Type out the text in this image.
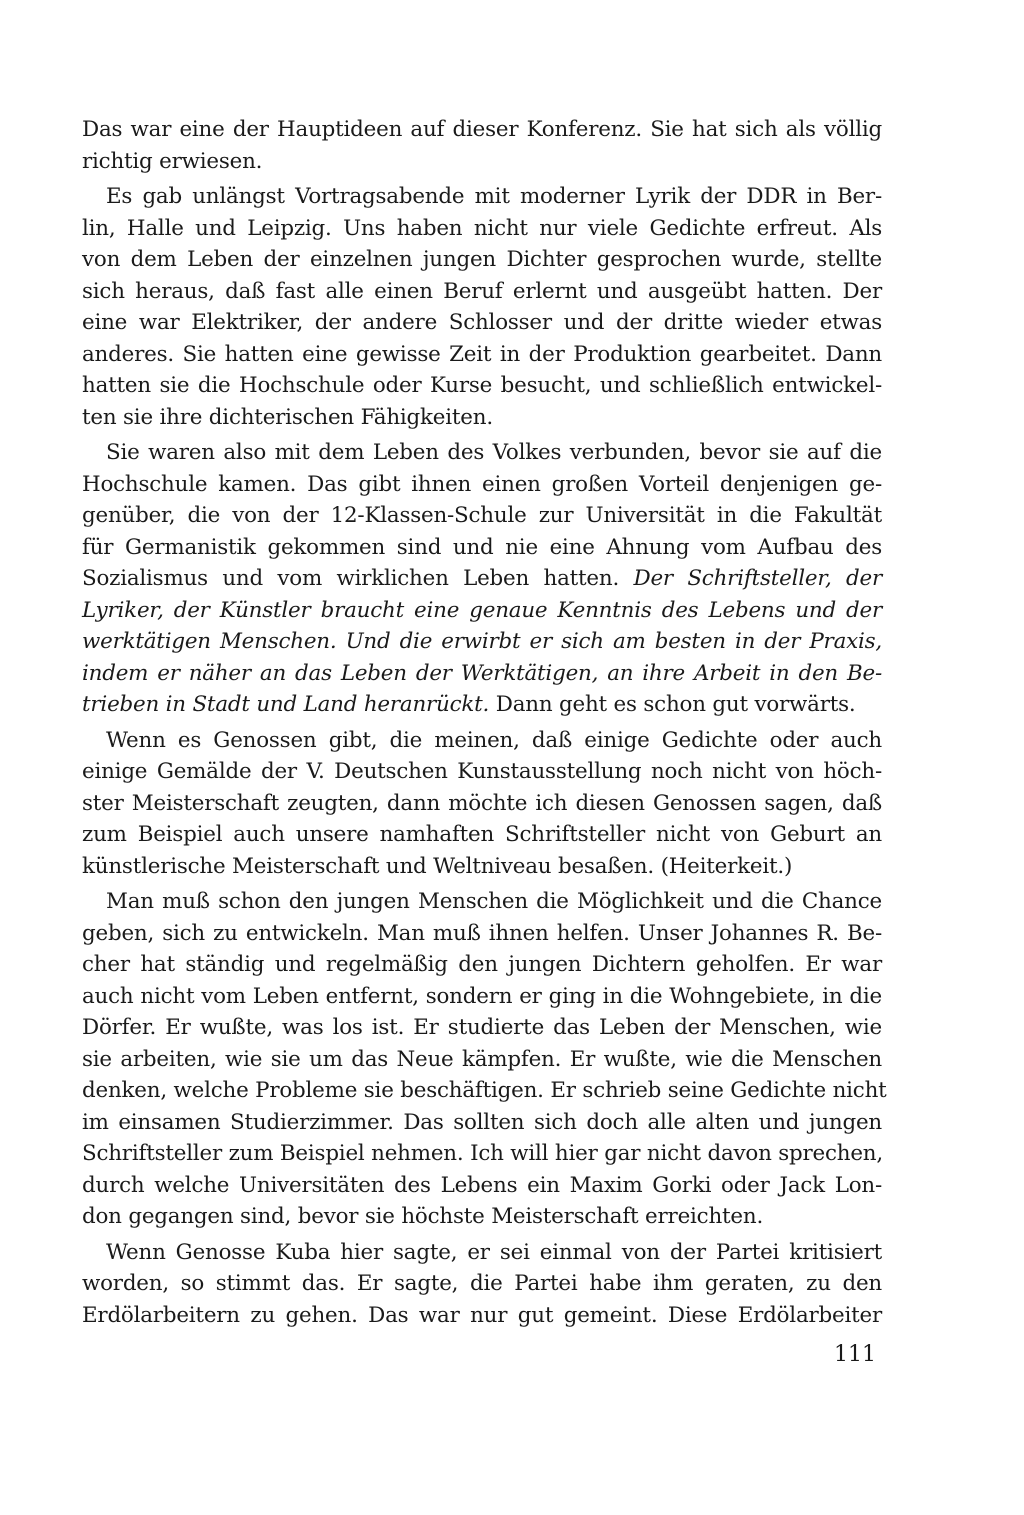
Das war eine der Hauptideen auf dieser Konferenz. Sie hat sich als völlig
richtig erwiesen.
Es gab unlängst Vortragsabende mit moderner Lyrik der DDR in Ber-
lin, Halle und Leipzig. Uns haben nicht nur viele Gedichte erfreut. Als
von dem Leben der einzelnen jungen Dichter gesprochen wurde, stellte
sich heraus, daß fast alle einen Beruf erlernt und ausgeübt hatten. Der
eine war Elektriker, der andere Schlosser und der dritte wieder etwas
anderes. Sie hatten eine gewisse Zeit in der Produktion gearbeitet. Dann
hatten sie die Hochschule oder Kurse besucht, und schließlich entwickel-
ten sie ihre dichterischen Fähigkeiten.
Sie waren also mit dem Leben des Volkes verbunden, bevor sie auf die
Hochschule kamen. Das gibt ihnen einen großen Vorteil denjenigen ge-
genüber, die von der 12-Klassen-Schule zur Universität in die Fakultät
für Germanistik gekommen sind und nie eine Ahnung vom Aufbau des
Sozialismus und vom wirklichen Leben hatten. Der Schriftsteller, der
Lyriker, der Künstler braucht eine genaue Kenntnis des Lebens und der
werktätigen Menschen. Und die erwirbt er sich am besten in der Praxis,
indem er näher an das Leben der Werktätigen, an ihre Arbeit in den Be-
trieben in Stadt und Land heranrückt. Dann geht es schon gut vorwärts.
Wenn es Genossen gibt, die meinen, daß einige Gedichte oder auch
einige Gemälde der V. Deutschen Kunstausstellung noch nicht von höch-
ster Meisterschaft zeugten, dann möchte ich diesen Genossen sagen, daß
zum Beispiel auch unsere namhaften Schriftsteller nicht von Geburt an
künstlerische Meisterschaft und Weltniveau besaßen. (Heiterkeit.)
Man muß schon den jungen Menschen die Möglichkeit und die Chance
geben, sich zu entwickeln. Man muß ihnen helfen. Unser Johannes R. Be-
cher hat ständig und regelmäßig den jungen Dichtern geholfen. Er war
auch nicht vom Leben entfernt, sondern er ging in die Wohngebiete, in die
Dörfer. Er wußte, was los ist. Er studierte das Leben der Menschen, wie
sie arbeiten, wie sie um das Neue kämpfen. Er wußte, wie die Menschen
denken, welche Probleme sie beschäftigen. Er schrieb seine Gedichte nicht
im einsamen Studierzimmer. Das sollten sich doch alle alten und jungen
Schriftsteller zum Beispiel nehmen. Ich will hier gar nicht davon sprechen,
durch welche Universitäten des Lebens ein Maxim Gorki oder Jack Lon-
don gegangen sind, bevor sie höchste Meisterschaft erreichten.
Wenn Genosse Kuba hier sagte, er sei einmal von der Partei kritisiert
worden, so stimmt das. Er sagte, die Partei habe ihm geraten, zu den
Erdölarbeitern zu gehen. Das war nur gut gemeint. Diese Erdölarbeiter
111
